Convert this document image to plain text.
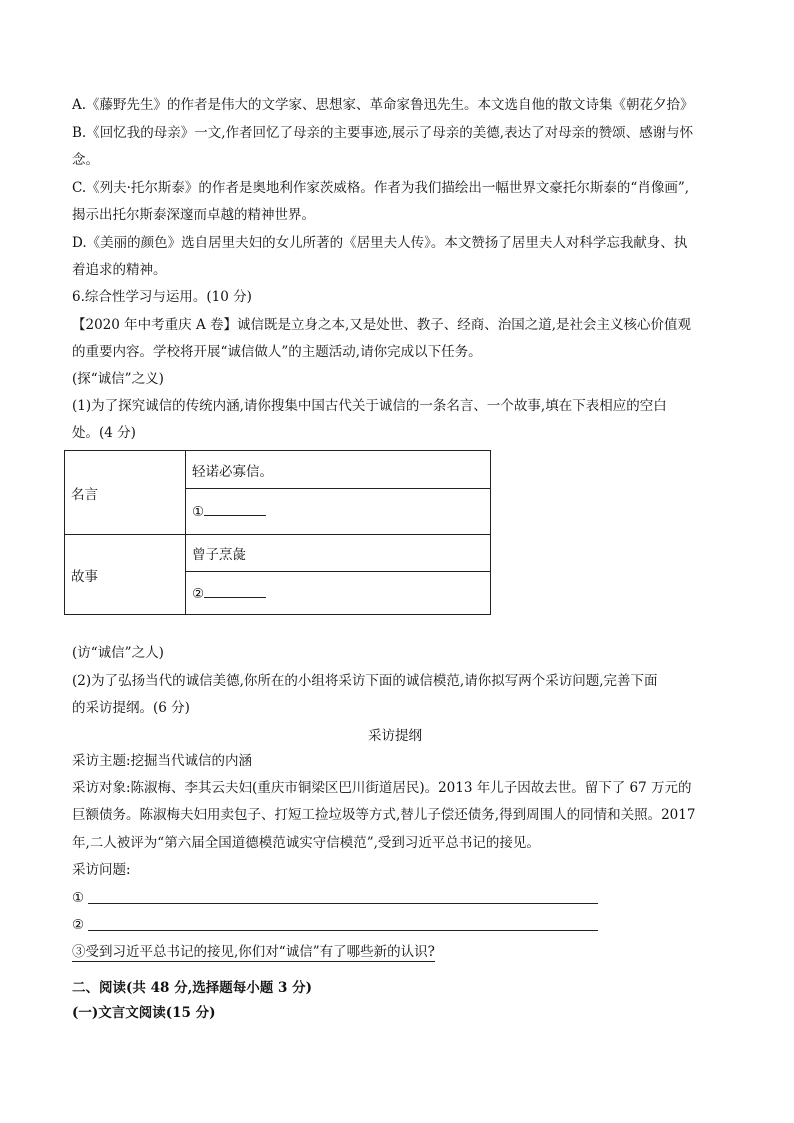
A.《藤野先生》的作者是伟大的文学家、思想家、革命家鲁迅先生。本文选自他的散文诗集《朝花夕拾》
B.《回忆我的母亲》一文,作者回忆了母亲的主要事迹,展示了母亲的美德,表达了对母亲的赞颂、感谢与怀
念。
C.《列夫·托尔斯泰》的作者是奥地利作家茨威格。作者为我们描绘出一幅世界文豪托尔斯泰的“肖像画”,
揭示出托尔斯泰深邃而卓越的精神世界。
D.《美丽的颜色》选自居里夫妇的女儿所著的《居里夫人传》。本文赞扬了居里夫人对科学忘我献身、执
着追求的精神。
6.综合性学习与运用。(10 分)
【2020 年中考重庆 A 卷】诚信既是立身之本,又是处世、教子、经商、治国之道,是社会主义核心价值观
的重要内容。学校将开展“诚信做人”的主题活动,请你完成以下任务。
(探“诚信”之义)
(1)为了探究诚信的传统内涵,请你搜集中国古代关于诚信的一条名言、一个故事,填在下表相应的空白
处。(4 分)
名言	轻诺必寡信。
	①
故事	曾子烹彘
	②
(访“诚信”之人)
(2)为了弘扬当代的诚信美德,你所在的小组将采访下面的诚信模范,请你拟写两个采访问题,完善下面
的采访提纲。(6 分)
采访提纲
采访主题:挖掘当代诚信的内涵
采访对象:陈淑梅、李其云夫妇(重庆市铜梁区巴川街道居民)。2013 年儿子因故去世。留下了 67 万元的
巨额债务。陈淑梅夫妇用卖包子、打短工捡垃圾等方式,替儿子偿还债务,得到周围人的同情和关照。2017
年,二人被评为“第六届全国道德模范诚实守信模范”,受到习近平总书记的接见。
采访问题:
①
②
③受到习近平总书记的接见,你们对“诚信”有了哪些新的认识?
二、阅读(共 48 分,选择题每小题 3 分)
(一)文言文阅读(15 分)
